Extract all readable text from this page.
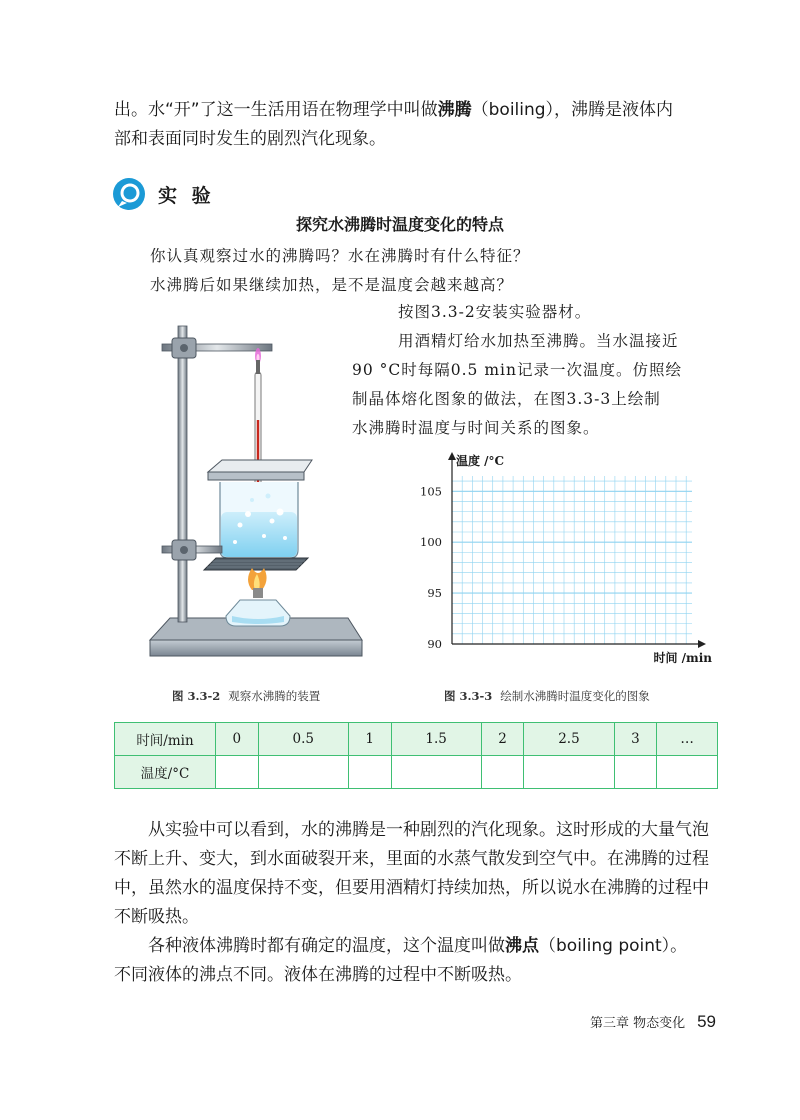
出。水“开”了这一生活用语在物理学中叫做沸腾（boiling），沸腾是液体内

部和表面同时发生的剧烈汽化现象。

实 验
探究水沸腾时温度变化的特点
你认真观察过水的沸腾吗？水在沸腾时有什么特征？
水沸腾后如果继续加热，是不是温度会越来越高？

按图3.3-2安装实验器材。

用酒精灯给水加热至沸腾。当水温接近

90 °C时每隔0.5 min记录一次温度。仿照绘

制晶体熔化图象的做法，在图3.3-3上绘制

水沸腾时温度与时间关系的图象。

90
95
100
105
温度 /°C
时间 /min
图 3.3-2 观察水沸腾的装置	图 3.3-3 绘制水沸腾时温度变化的图象
时间/min	0	0.5	1	1.5	2	2.5	3	…
温度/°C								

从实验中可以看到，水的沸腾是一种剧烈的汽化现象。这时形成的大量气泡不断上升、变大，到水面破裂开来，里面的水蒸气散发到空气中。在沸腾的过程中，虽然水的温度保持不变，但要用酒精灯持续加热，所以说水在沸腾的过程中不断吸热。

各种液体沸腾时都有确定的温度，这个温度叫做沸点（boiling point）。

不同液体的沸点不同。液体在沸腾的过程中不断吸热。

第三章 物态变化 59
